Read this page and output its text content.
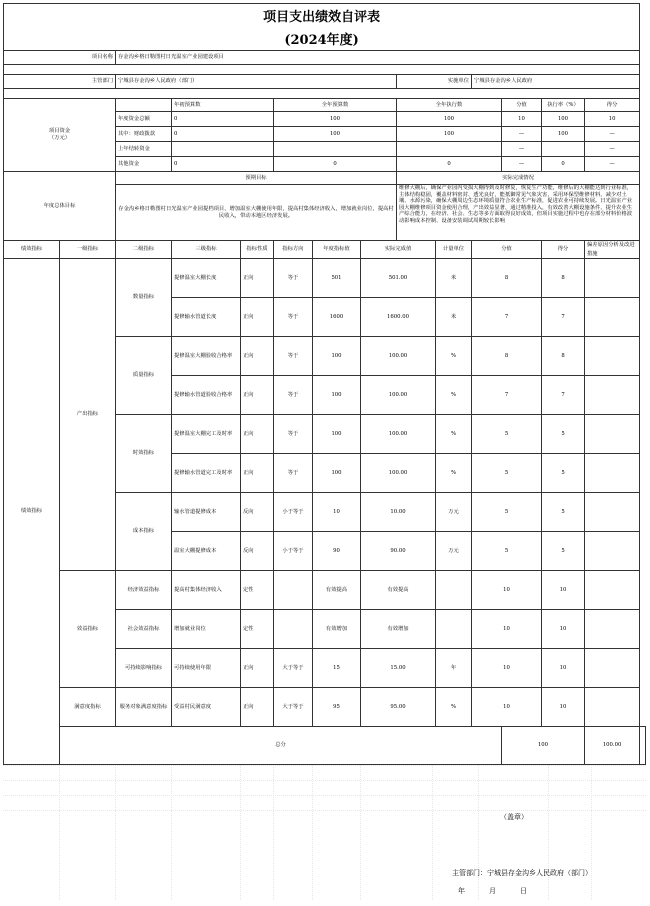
项目支出绩效自评表														
(2024年度)														
项目名称		存金沟乡格日勒图村日光温室产业园建设项目												

主管部门		宁城县存金沟乡人民政府（部门）						实施单位		宁城县存金沟乡人民政府				

项目资金
（万元）			年初预算数		全年预算数			全年执行数			分值	执行率（%）	得分	
		年度资金总额	0		100			100			10	100	10	
		其中：财政拨款	0		100			100			—	100	—	
		上年结转资金									—		—	
		其他资金	0		0			0			—	0	—	
年度总体目标		预期目标						实际完成情况						
		存金沟乡格日勒图村日光温室产业园提档项目，增加温室大棚使用年限，提高村集体经济收入，增加就业岗位，提高村民收入，带动本地区经济发展。						维修大棚后，确保产业园内受损大棚得到及时修复，恢复生产功能，维修后的大棚能达到行业标准，主体结构稳固，覆盖材料密封、透光良好，能抵御常见气象灾害，采用环保型维修材料，减少对土壤、水源污染，确保大棚周边生态环境质量符合农业生产标准，促进农业可持续发展。日光温室产业园大棚维修项目资金使用合理，产出效益显著，通过精准投入，有效改善大棚设施条件，提升农业生产综合能力，在经济、社会、生态等多方面取得良好成效，但项目实施过程中也存在部分材料价格波动影响成本控制、设备安装调试周期较长影响						

绩效指标	一级指标	二级指标	三级指标	指标性质	指标方向	年度指标值	实际完成值		计量单位	分值		得分	偏差原因分析及改进措施	
绩效指标	产出指标	数量指标	提修温室大棚长度	正向	等于	501	501.00		米	8		8		
			提修输水管道长度	正向	等于	1600	1600.00		米	7		7		
		质量指标	提修温室大棚验收合格率	正向	等于	100	100.00		%	8		8		
			提修输水管道验收合格率	正向	等于	100	100.00		%	7		7		
		时效指标	提修温室大棚完工及时率	正向	等于	100	100.00		%	5		5		
			提修输水管道完工及时率	正向	等于	100	100.00		%	5		5		
		成本指标	输水管道提修成本	反向	小于等于	10	10.00		万元	5		5		
			温室大棚提修成本	反向	小于等于	90	90.00		万元	5		5		
	效益指标	经济效益指标	提高村集体经济收入	定性		有效提高	有效提高			10		10		
		社会效益指标	增加就业岗位	定性		有效增加	有效增加			10		10		
		可持续影响指标	可持续使用年限	正向	大于等于	15	15.00		年	10		10		
	满意度指标	服务对象满意度指标	受益村民满意度	正向	大于等于	95	95.00		%	10		10		
	总分										100		100.00	
（盖章）
主管部门：宁城县存金沟乡人民政府（部门）
年	月	日
